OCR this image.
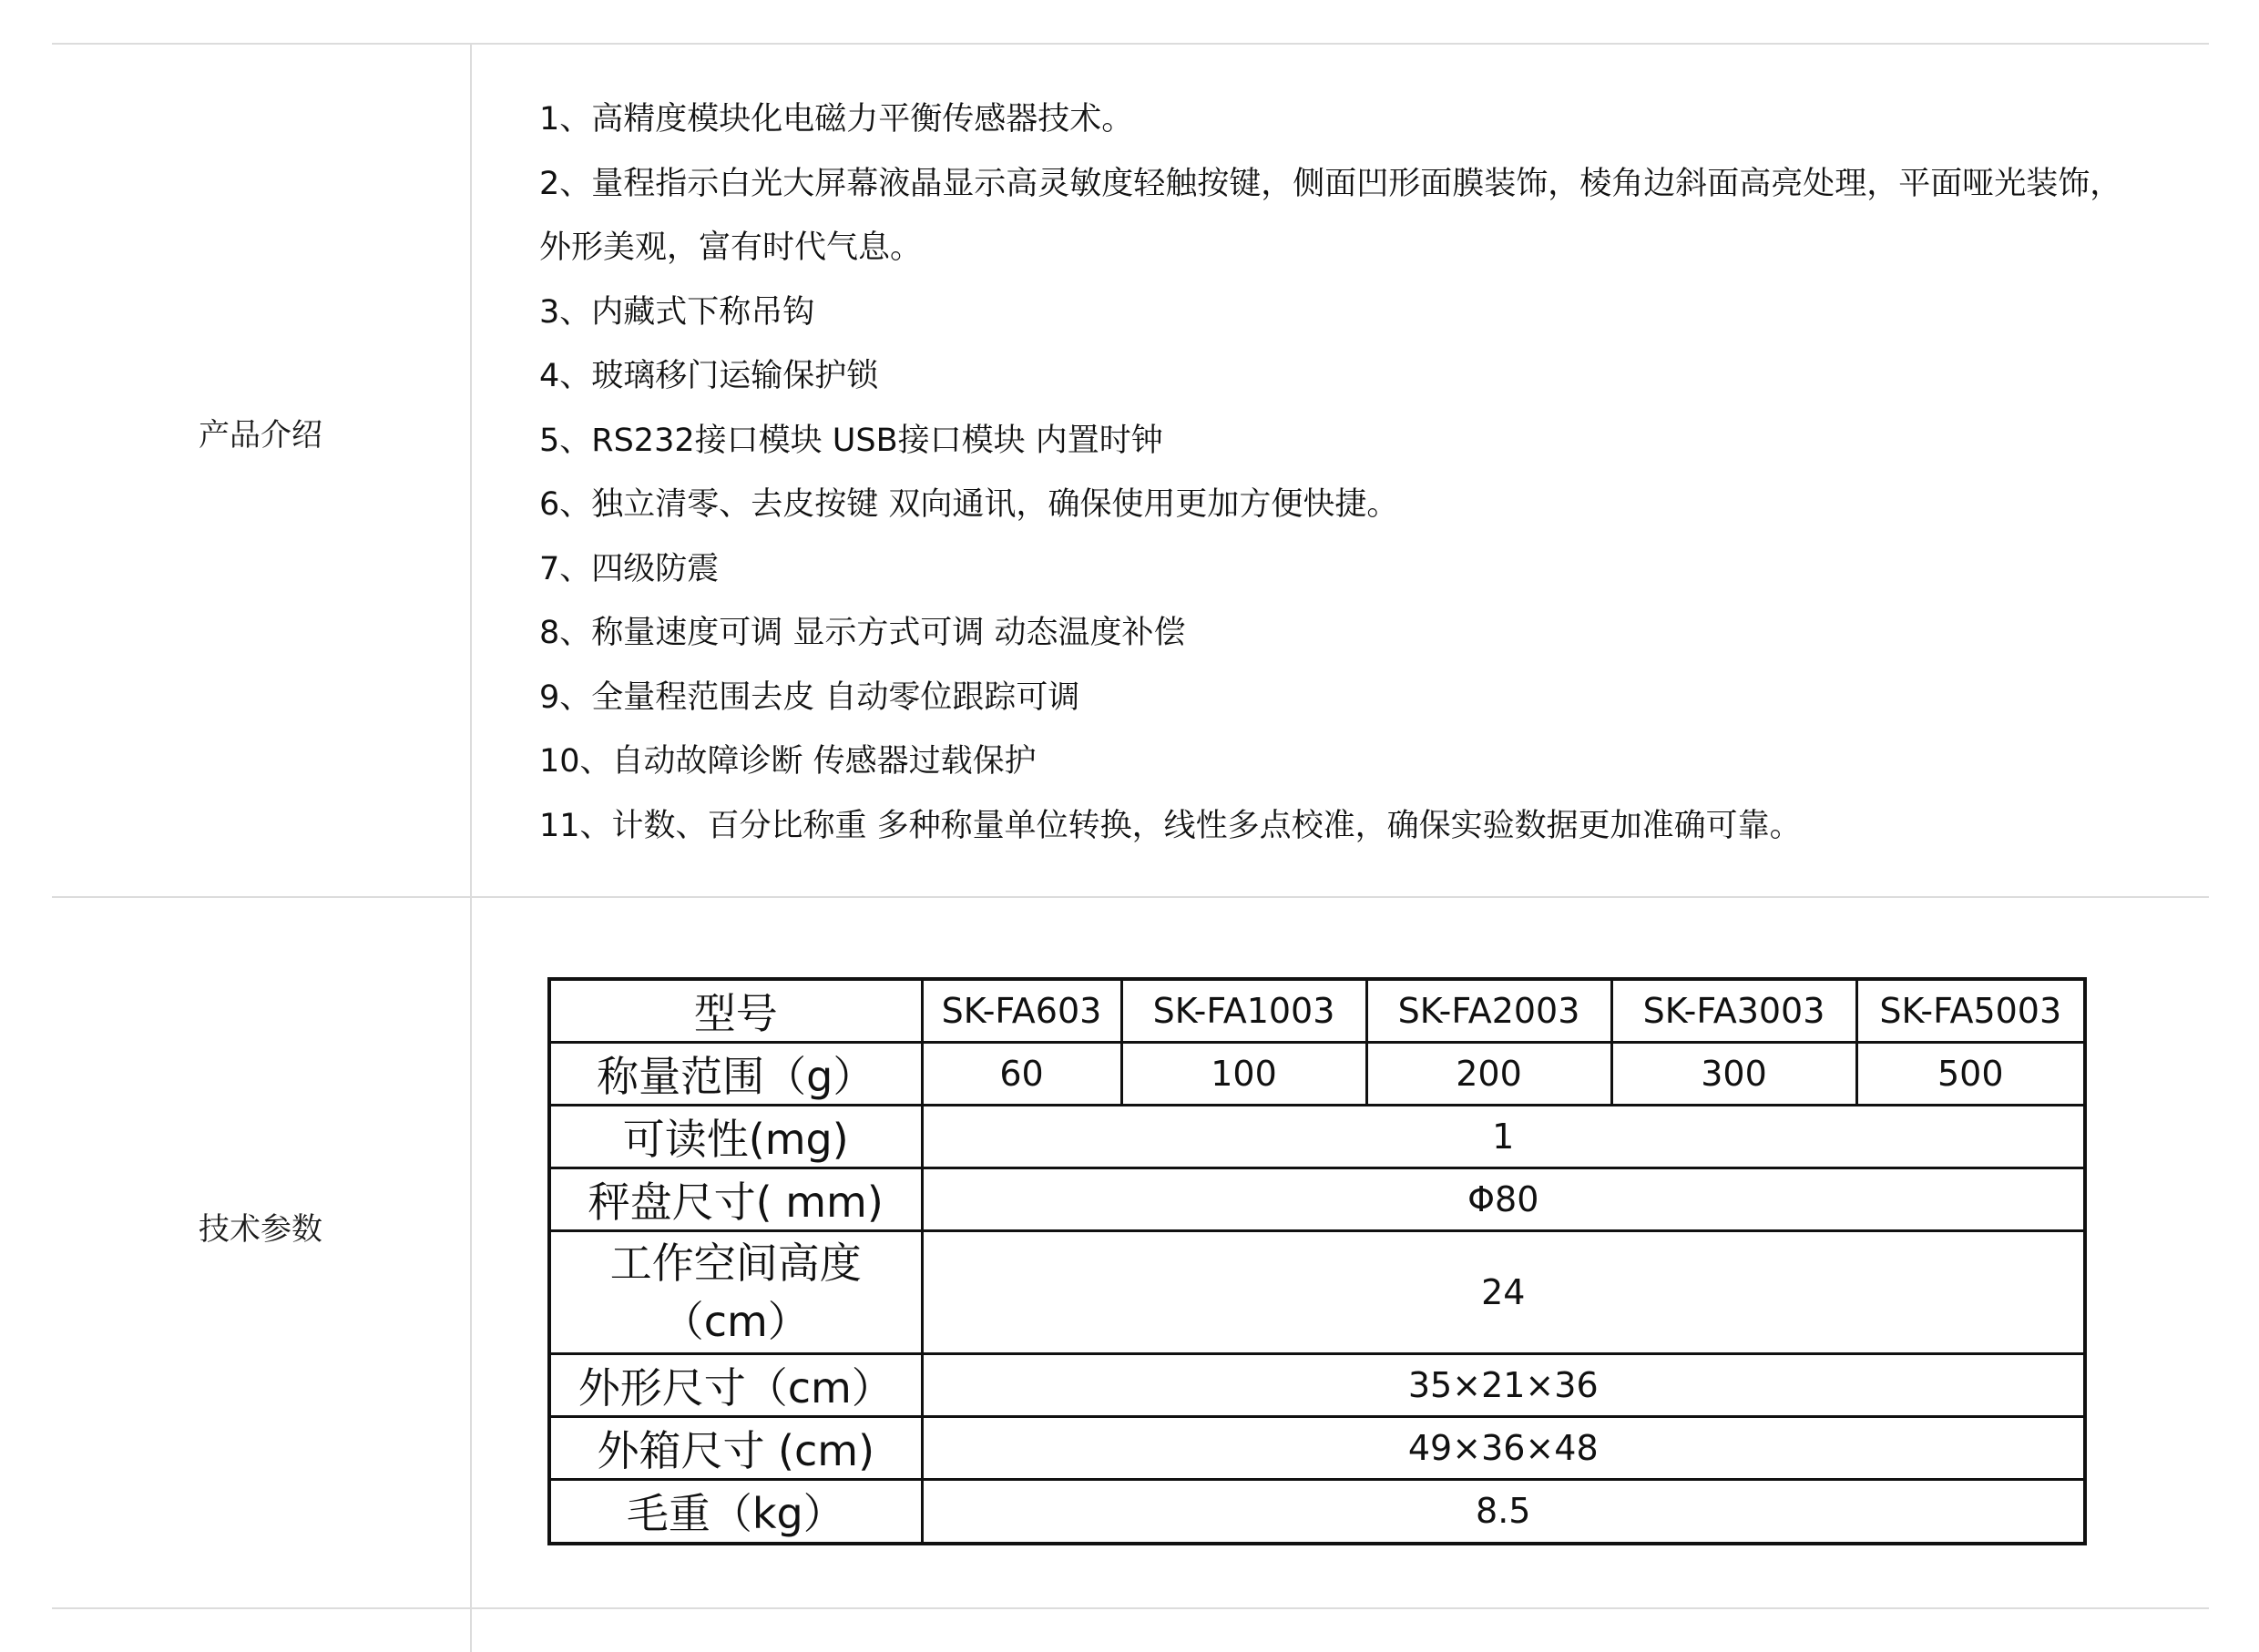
产品介绍
1、高精度模块化电磁力平衡传感器技术。
2、量程指示白光大屏幕液晶显示高灵敏度轻触按键，侧面凹形面膜装饰，棱角边斜面高亮处理，平面哑光装饰，外形美观，富有时代气息。
3、内藏式下称吊钩
4、玻璃移门运输保护锁
5、RS232接口模块 USB接口模块 内置时钟
6、独立清零、去皮按键 双向通讯，确保使用更加方便快捷。
7、四级防震
8、称量速度可调 显示方式可调 动态温度补偿
9、全量程范围去皮 自动零位跟踪可调
10、自动故障诊断 传感器过载保护
11、计数、百分比称重 多种称量单位转换，线性多点校准，确保实验数据更加准确可靠。
技术参数
型号	SK-FA603	SK-FA1003	SK-FA2003	SK-FA3003	SK-FA5003
称量范围（g）	60	100	200	300	500
可读性(mg)	1				
秤盘尺寸( mm)	Φ80				

工作空间高度
（cm）	24				
外形尺寸（cm）	35×21×36				
外箱尺寸 (cm)	49×36×48				
毛重（kg）	8.5				
